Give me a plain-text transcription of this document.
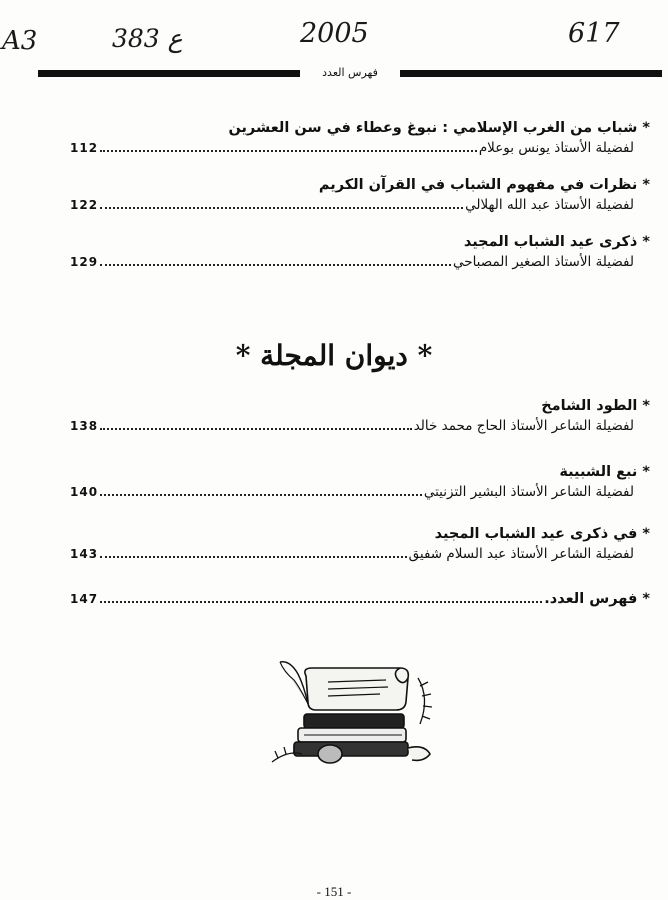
A3	383 ع	2005	617
فهرس العدد
* شباب من الغرب الإسلامي : نبوغ وعطاء في سن العشرين
لفضيلة الأستاذ يونس بوعلام
112
* نظرات في مفهوم الشباب في القرآن الكريم
لفضيلة الأستاذ عبد الله الهلالي
122
* ذكرى عيد الشباب المجيد
لفضيلة الأستاذ الصغير المصباحي
129
* ديوان المجلة *
* الطود الشامخ
لفضيلة الشاعر الأستاذ الحاج محمد خالد
138
* نبع الشبيبة
لفضيلة الشاعر الأستاذ البشير التزنيتي
140
* في ذكرى عيد الشباب المجيد
لفضيلة الشاعر الأستاذ عبد السلام شفيق
143
* فهرس العدد.
147
- 151 -
